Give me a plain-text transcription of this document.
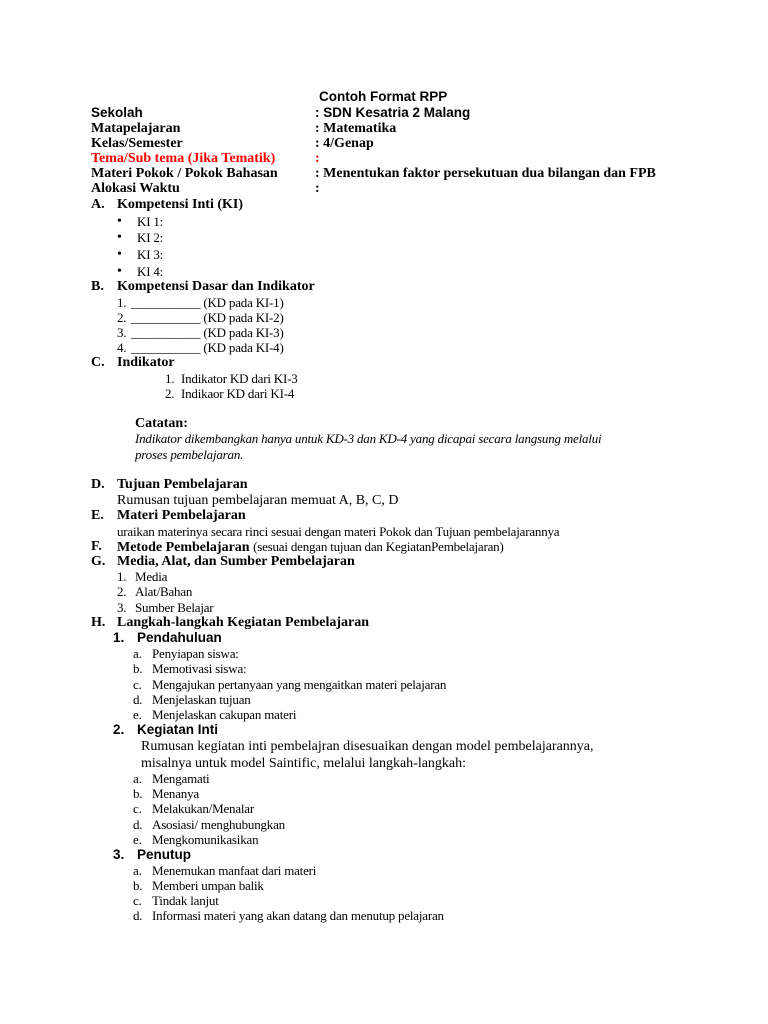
Contoh Format RPP
Sekolah	: SDN Kesatria 2 Malang
Matapelajaran	: Matematika
Kelas/Semester	: 4/Genap
Tema/Sub tema (Jika Tematik)	:
Materi Pokok / Pokok Bahasan	: Menentukan faktor persekutuan dua bilangan dan FPB
Alokasi Waktu	:
A. Kompetensi Inti (KI)
• KI 1:
• KI 2:
• KI 3:
• KI 4:
B. Kompetensi Dasar dan Indikator
1. ___________ (KD pada KI-1)
2. ___________ (KD pada KI-2)
3. ___________ (KD pada KI-3)
4. ___________ (KD pada KI-4)
C. Indikator
1. Indikator KD dari KI-3
2. Indikaor KD dari KI-4
Catatan:
Indikator dikembangkan hanya untuk KD-3 dan KD-4 yang dicapai secara langsung melalui
proses pembelajaran.
D. Tujuan Pembelajaran
Rumusan tujuan pembelajaran memuat A, B, C, D
E. Materi Pembelajaran
uraikan materinya secara rinci sesuai dengan materi Pokok dan Tujuan pembelajarannya
F. Metode Pembelajaran (sesuai dengan tujuan dan KegiatanPembelajaran)
G. Media, Alat, dan Sumber Pembelajaran
1. Media
2. Alat/Bahan
3. Sumber Belajar
H. Langkah-langkah Kegiatan Pembelajaran
1. Pendahuluan
a. Penyiapan siswa:
b. Memotivasi siswa:
c. Mengajukan pertanyaan yang mengaitkan materi pelajaran
d. Menjelaskan tujuan
e. Menjelaskan cakupan materi
2. Kegiatan Inti
Rumusan kegiatan inti pembelajran disesuaikan dengan model pembelajarannya,
misalnya untuk model Saintific, melalui langkah-langkah:
a. Mengamati
b. Menanya
c. Melakukan/Menalar
d. Asosiasi/ menghubungkan
e. Mengkomunikasikan
3. Penutup
a. Menemukan manfaat dari materi
b. Memberi umpan balik
c. Tindak lanjut
d. Informasi materi yang akan datang dan menutup pelajaran
